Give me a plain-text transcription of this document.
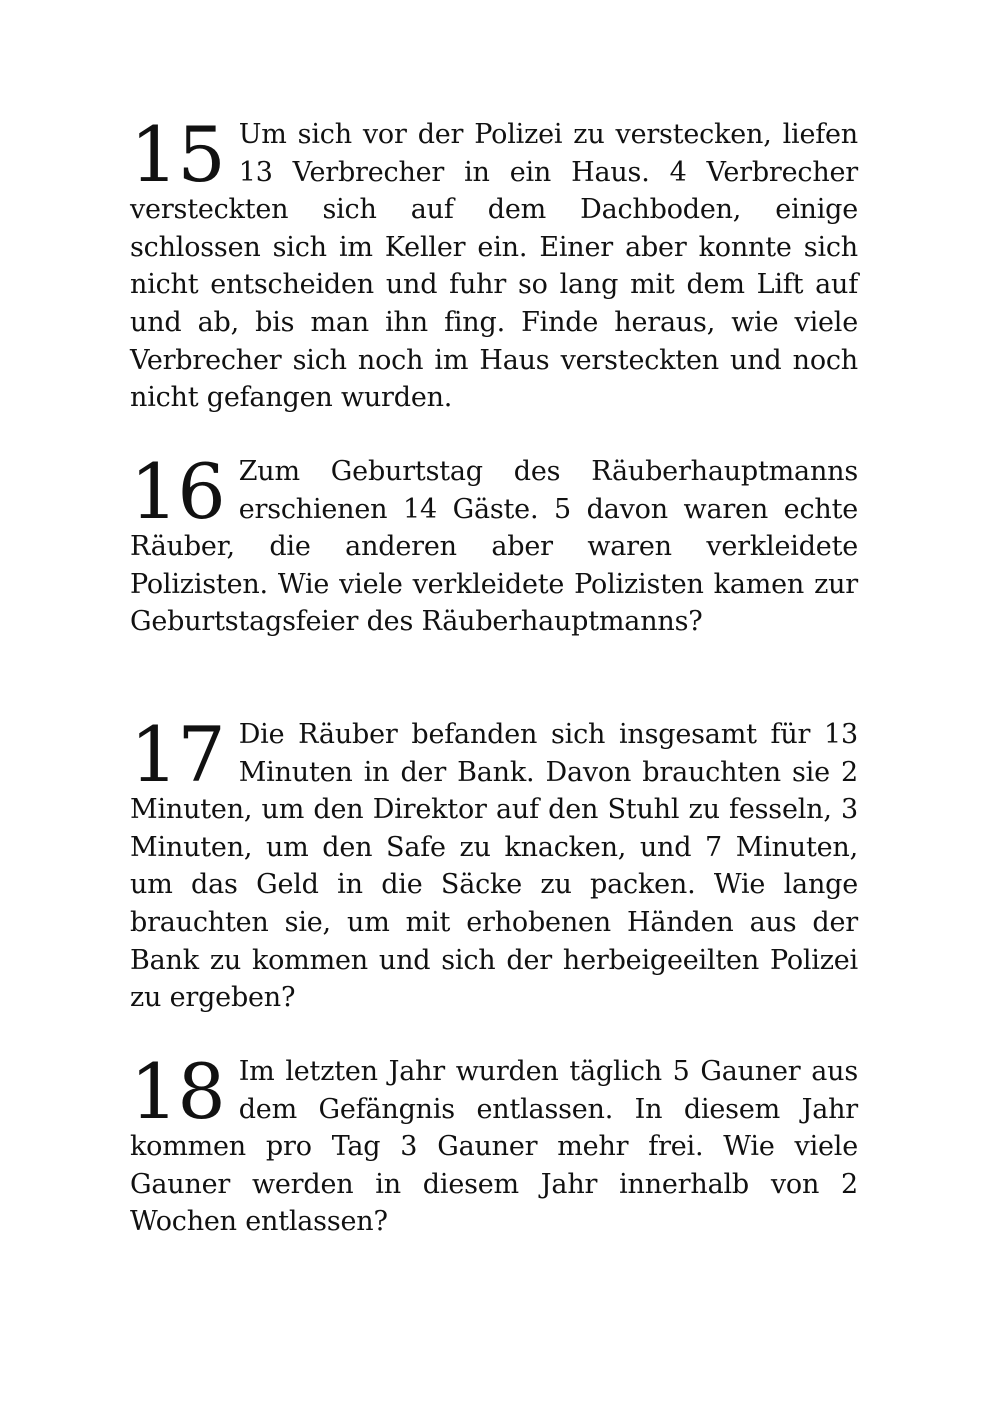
15 Um sich vor der Polizei zu verstecken, liefen 13 Verbrecher in ein Haus. 4 Verbrecher versteckten sich auf dem Dachboden, einige schlossen sich im Keller ein. Einer aber konnte sich nicht entscheiden und fuhr so lang mit dem Lift auf und ab, bis man ihn fing. Finde heraus, wie viele Verbrecher sich noch im Haus versteckten und noch nicht gefangen wurden.

16 Zum Geburtstag des Räuberhauptmanns erschienen 14 Gäste. 5 davon waren echte Räuber, die anderen aber waren verkleidete Polizisten. Wie viele verkleidete Polizisten kamen zur Geburtstagsfeier des Räuberhauptmanns?

17 Die Räuber befanden sich insgesamt für 13 Minuten in der Bank. Davon brauchten sie 2 Minuten, um den Direktor auf den Stuhl zu fesseln, 3 Minuten, um den Safe zu knacken, und 7 Minuten, um das Geld in die Säcke zu packen. Wie lange brauchten sie, um mit erhobenen Händen aus der Bank zu kommen und sich der herbeigeeilten Polizei zu ergeben?

18 Im letzten Jahr wurden täglich 5 Gauner aus dem Gefängnis entlassen. In diesem Jahr kommen pro Tag 3 Gauner mehr frei. Wie viele Gauner werden in diesem Jahr innerhalb von 2 Wochen entlassen?
